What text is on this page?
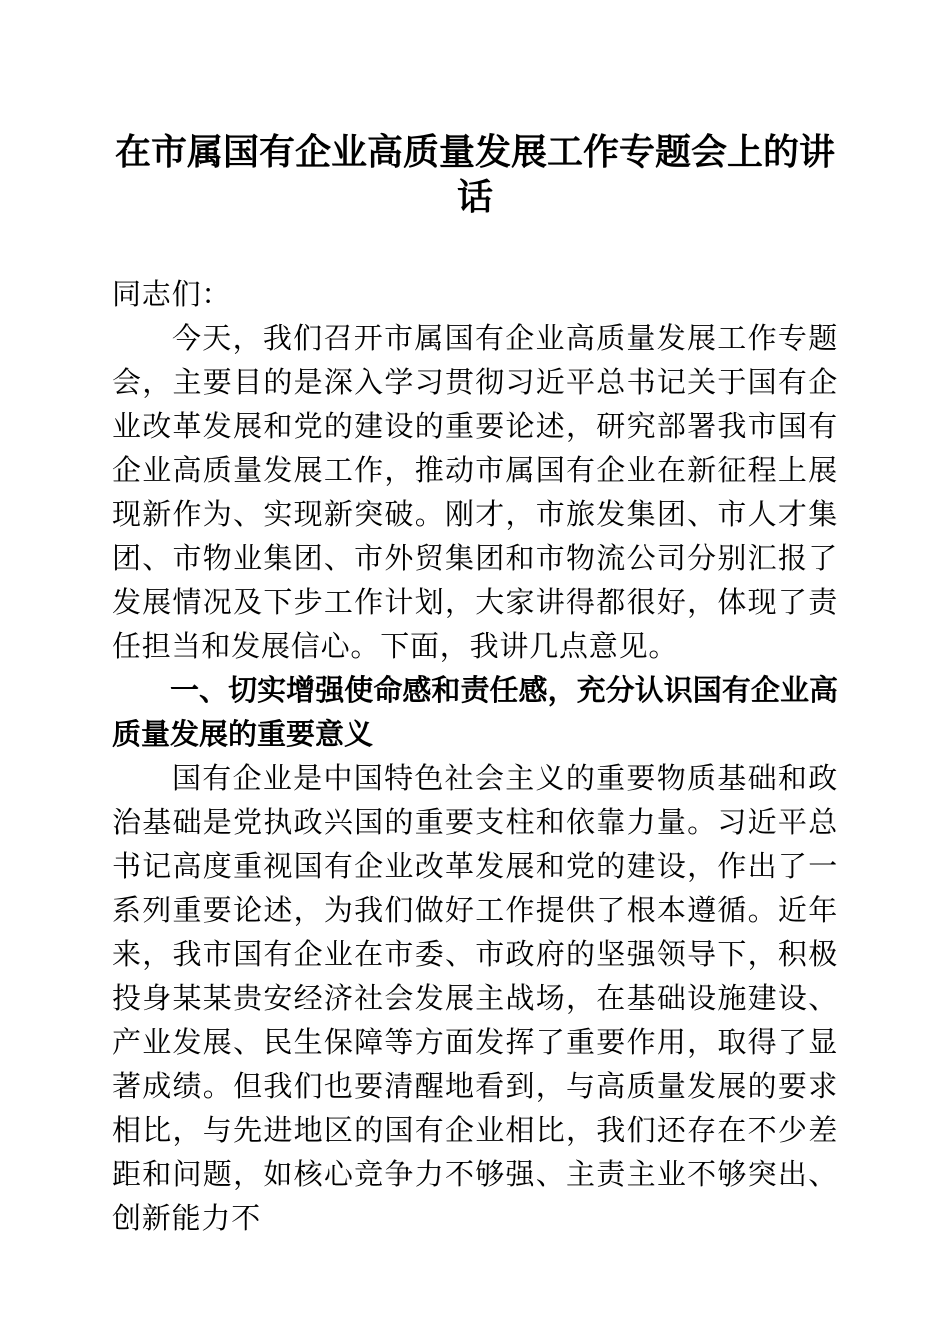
在市属国有企业高质量发展工作专题会上的讲话

同志们：

今天，我们召开市属国有企业高质量发展工作专题会，主要目的是深入学习贯彻习近平总书记关于国有企业改革发展和党的建设的重要论述，研究部署我市国有企业高质量发展工作，推动市属国有企业在新征程上展现新作为、实现新突破。刚才，市旅发集团、市人才集团、市物业集团、市外贸集团和市物流公司分别汇报了发展情况及下步工作计划，大家讲得都很好，体现了责任担当和发展信心。下面，我讲几点意见。

一、切实增强使命感和责任感，充分认识国有企业高质量发展的重要意义

国有企业是中国特色社会主义的重要物质基础和政治基础是党执政兴国的重要支柱和依靠力量。习近平总书记高度重视国有企业改革发展和党的建设，作出了一系列重要论述，为我们做好工作提供了根本遵循。近年来，我市国有企业在市委、市政府的坚强领导下，积极投身某某贵安经济社会发展主战场，在基础设施建设、产业发展、民生保障等方面发挥了重要作用，取得了显著成绩。但我们也要清醒地看到，与高质量发展的要求相比，与先进地区的国有企业相比，我们还存在不少差距和问题，如核心竞争力不够强、主责主业不够突出、创新能力不
